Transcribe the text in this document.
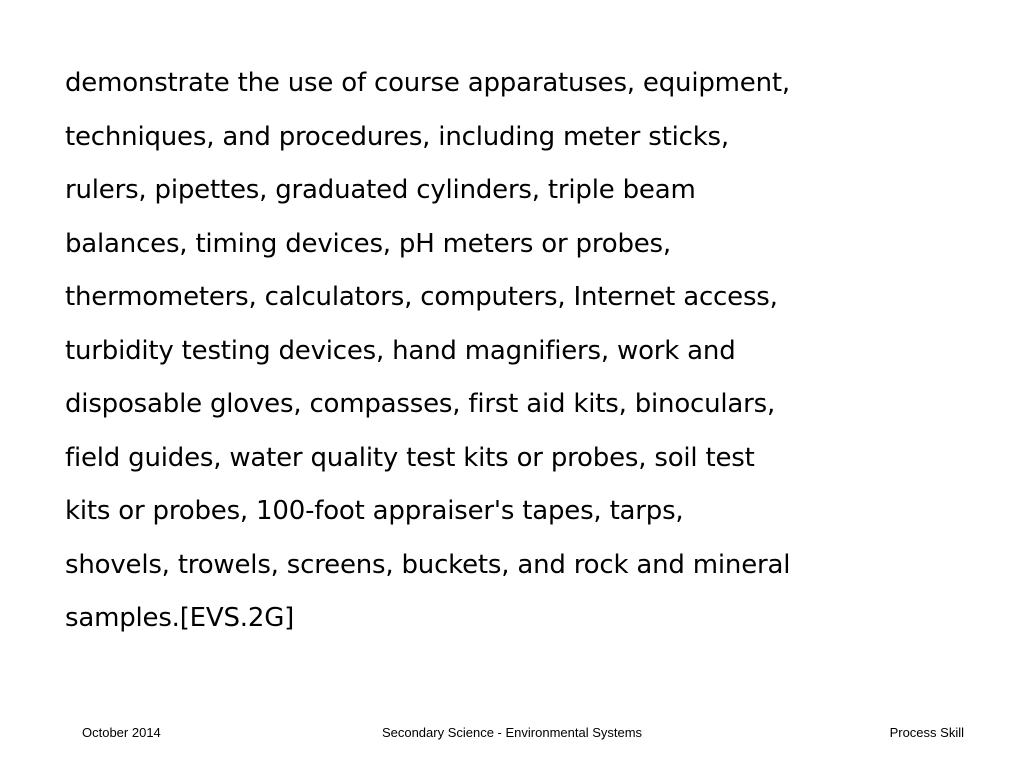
demonstrate the use of course apparatuses, equipment,
techniques, and procedures, including meter sticks,
rulers, pipettes, graduated cylinders, triple beam
balances, timing devices, pH meters or probes,
thermometers, calculators, computers, Internet access,
turbidity testing devices, hand magnifiers, work and
disposable gloves, compasses, first aid kits, binoculars,
field guides, water quality test kits or probes, soil test
kits or probes, 100-foot appraiser's tapes, tarps,
shovels, trowels, screens, buckets, and rock and mineral
samples.[EVS.2G]

October 2014	Secondary Science - Environmental Systems	Process Skill
